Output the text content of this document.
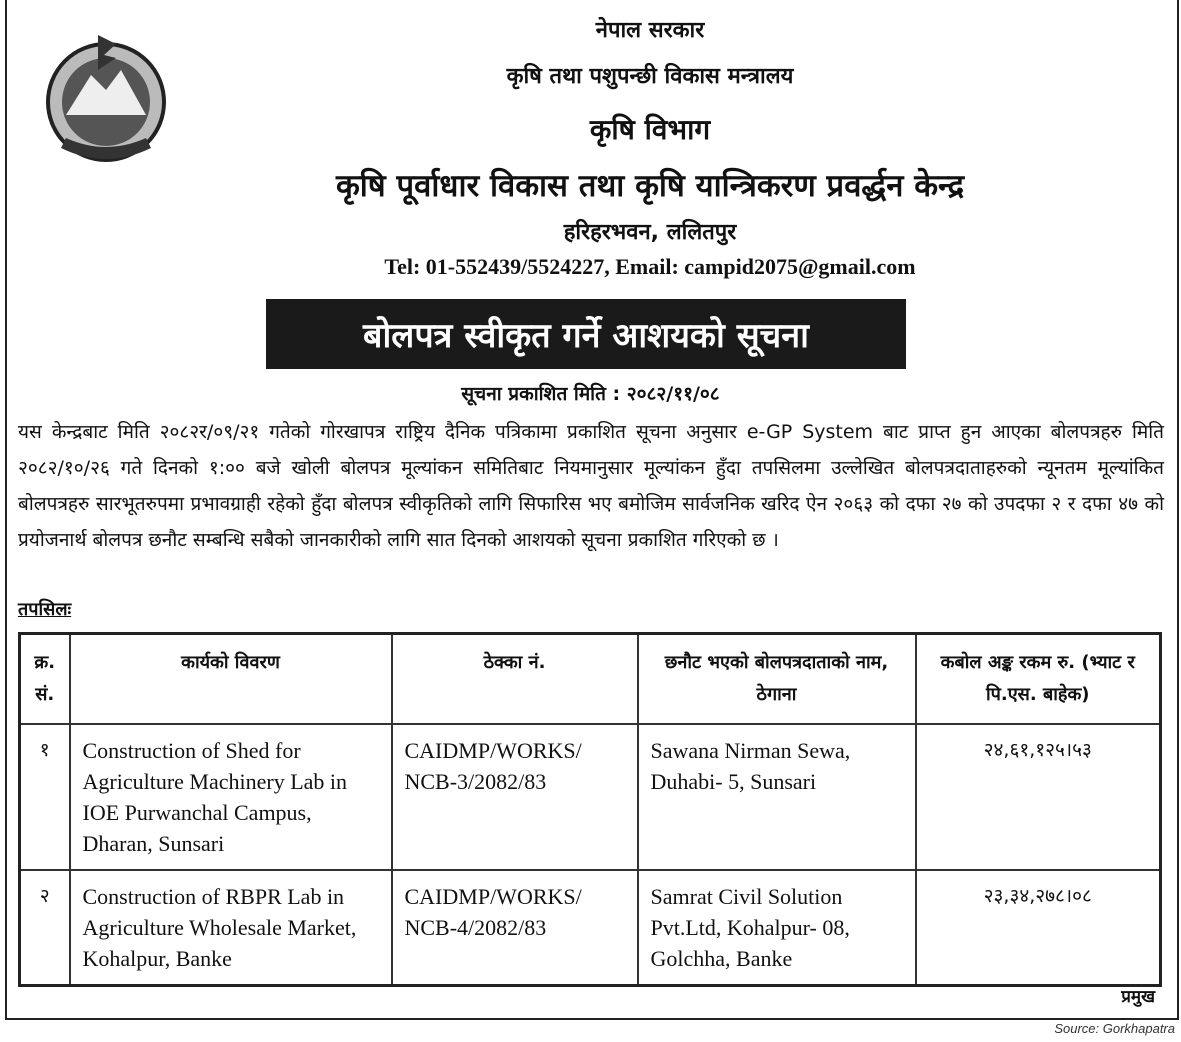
नेपाल सरकार
कृषि तथा पशुपन्छी विकास मन्त्रालय
कृषि विभाग
कृषि पूर्वाधार विकास तथा कृषि यान्त्रिकरण प्रवर्द्धन केन्द्र
हरिहरभवन, ललितपुर
Tel: 01-552439/5524227, Email: campid2075@gmail.com
बोलपत्र स्वीकृत गर्ने आशयको सूचना
सूचना प्रकाशित मिति : २०८२/११/०८
यस केन्द्रबाट मिति २०८२र/०९/२१ गतेको गोरखापत्र राष्ट्रिय दैनिक पत्रिकामा प्रकाशित सूचना अनुसार e-GP System बाट प्राप्त हुन आएका बोलपत्रहरु मिति २०८२/१०/२६ गते दिनको १:०० बजे खोली बोलपत्र मूल्यांकन समितिबाट नियमानुसार मूल्यांकन हुँदा तपसिलमा उल्लेखित बोलपत्रदाताहरुको न्यूनतम मूल्यांकित बोलपत्रहरु सारभूतरुपमा प्रभावग्राही रहेको हुँदा बोलपत्र स्वीकृतिको लागि सिफारिस भए बमोजिम सार्वजनिक खरिद ऐन २०६३ को दफा २७ को उपदफा २ र दफा ४७ को प्रयोजनार्थ बोलपत्र छनौट सम्बन्धि सबैको जानकारीको लागि सात दिनको आशयको सूचना प्रकाशित गरिएको छ ।
तपसिलः
क्र. सं.	कार्यको विवरण	ठेक्का नं.	छनौट भएको बोलपत्रदाताको नाम, ठेगाना	कबोल अङ्क रकम रु. (भ्याट र पि.एस. बाहेक)
१	Construction of Shed for Agriculture Machinery Lab in IOE Purwanchal Campus, Dharan, Sunsari	CAIDMP/WORKS/ NCB-3/2082/83	Sawana Nirman Sewa, Duhabi- 5, Sunsari	२४,६१,१२५।५३
२	Construction of RBPR Lab in Agriculture Wholesale Market, Kohalpur, Banke	CAIDMP/WORKS/ NCB-4/2082/83	Samrat Civil Solution Pvt.Ltd, Kohalpur- 08, Golchha, Banke	२३,३४,२७८।०८
प्रमुख
Source: Gorkhapatra
